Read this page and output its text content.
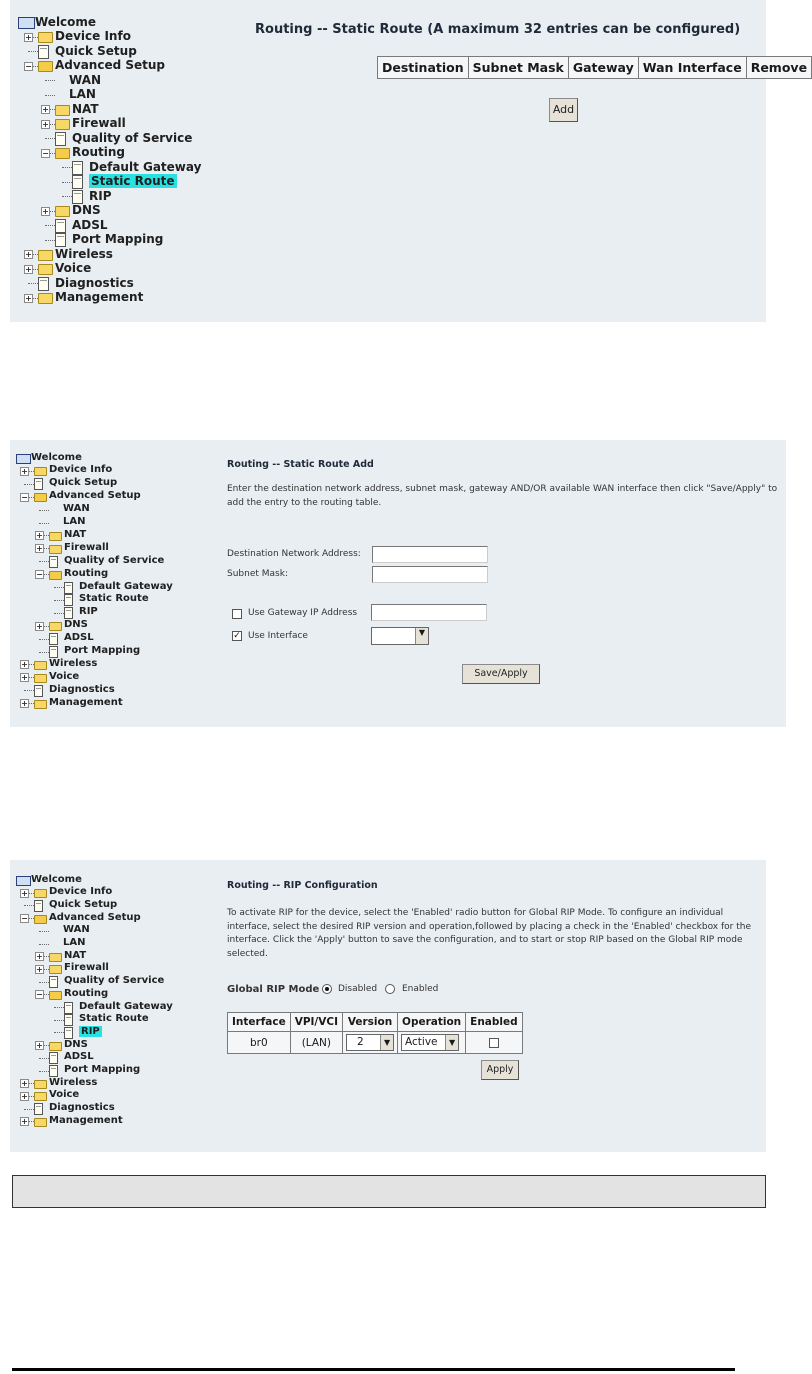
Welcome
+ Device Info
Quick Setup
− Advanced Setup
WAN
LAN
+ NAT
+ Firewall
Quality of Service
− Routing
Default Gateway
Static Route
RIP
+ DNS
ADSL
Port Mapping
+ Wireless
+ Voice
Diagnostics
+ Management
Routing -- Static Route (A maximum 32 entries can be configured)
Destination	Subnet Mask	Gateway	Wan Interface	Remove
Add
Welcome
+ Device Info
Quick Setup
− Advanced Setup
WAN
LAN
+ NAT
+ Firewall
Quality of Service
− Routing
Default Gateway
Static Route
RIP
+ DNS
ADSL
Port Mapping
+ Wireless
+ Voice
Diagnostics
+ Management
Routing -- Static Route Add
Enter the destination network address, subnet mask, gateway AND/OR available WAN interface then click "Save/Apply" to add the entry to the routing table.
Destination Network Address:
Subnet Mask:
Use Gateway IP Address
✓ Use Interface	▼
Save/Apply
Welcome
+ Device Info
Quick Setup
− Advanced Setup
WAN
LAN
+ NAT
+ Firewall
Quality of Service
− Routing
Default Gateway
Static Route
RIP
+ DNS
ADSL
Port Mapping
+ Wireless
+ Voice
Diagnostics
+ Management
Routing -- RIP Configuration
To activate RIP for the device, select the 'Enabled' radio button for Global RIP Mode. To configure an individual interface, select the desired RIP version and operation,followed by placing a check in the 'Enabled' checkbox for the interface. Click the 'Apply' button to save the configuration, and to start or stop RIP based on the Global RIP mode selected.
Global RIP Mode Disabled	Enabled
Interface	VPI/VCI	Version	Operation	Enabled
br0	(LAN)	2 ▼	Active ▼	

Apply
